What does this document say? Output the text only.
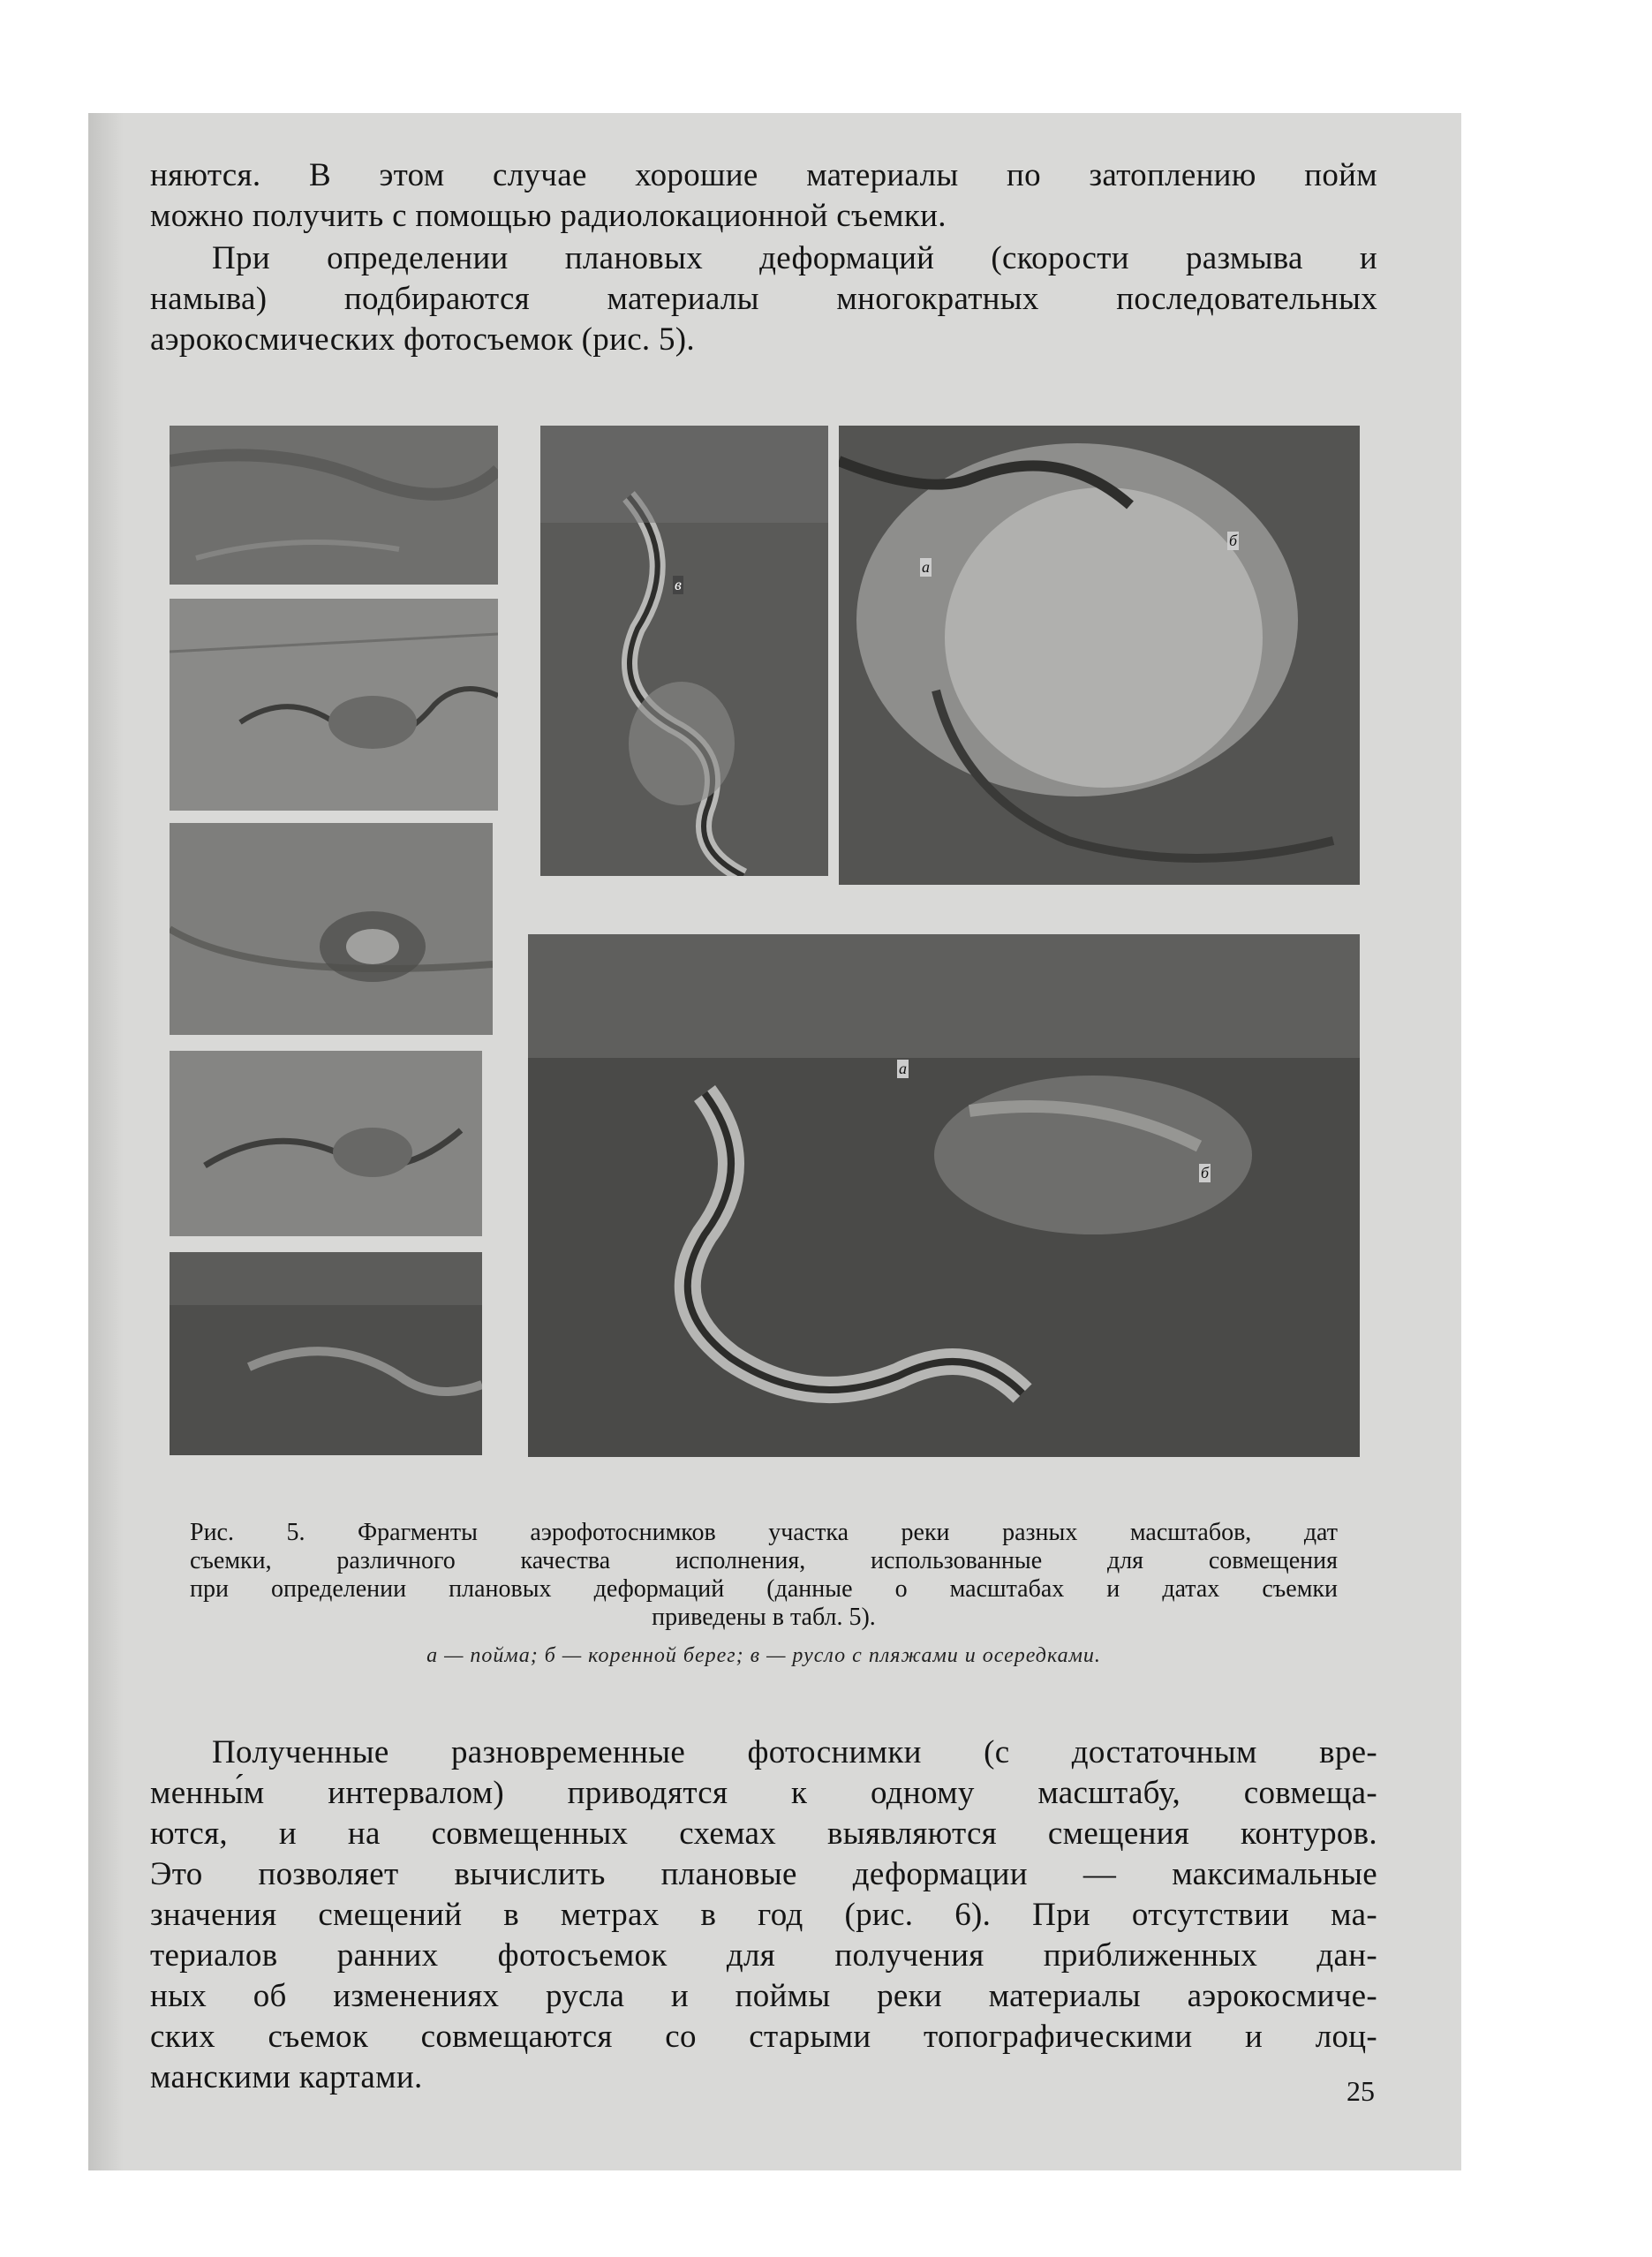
няются. В этом случае хорошие материалы по затоплению пойм
можно получить с помощью радиолокационной съемки.
При определении плановых деформаций (скорости размыва и
намыва) подбираются материалы многократных последовательных
аэрокосмических фотосъемок (рис. 5).
в
а
б
а
б
Рис. 5. Фрагменты аэрофотоснимков участка реки разных масштабов, дат
съемки, различного качества исполнения, использованные для совмещения
при определении плановых деформаций (данные о масштабах и датах съемки
приведены в табл. 5).
а — пойма; б — коренной берег; в — русло с пляжами и осередками.
Полученные разновременные фотоснимки (с достаточным вре-
менны́м интервалом) приводятся к одному масштабу, совмеща-
ются, и на совмещенных схемах выявляются смещения контуров.
Это позволяет вычислить плановые деформации — максимальные
значения смещений в метрах в год (рис. 6). При отсутствии ма-
териалов ранних фотосъемок для получения приближенных дан-
ных об изменениях русла и поймы реки материалы аэрокосмиче-
ских съемок совмещаются со старыми топографическими и лоц-
манскими картами.	25
